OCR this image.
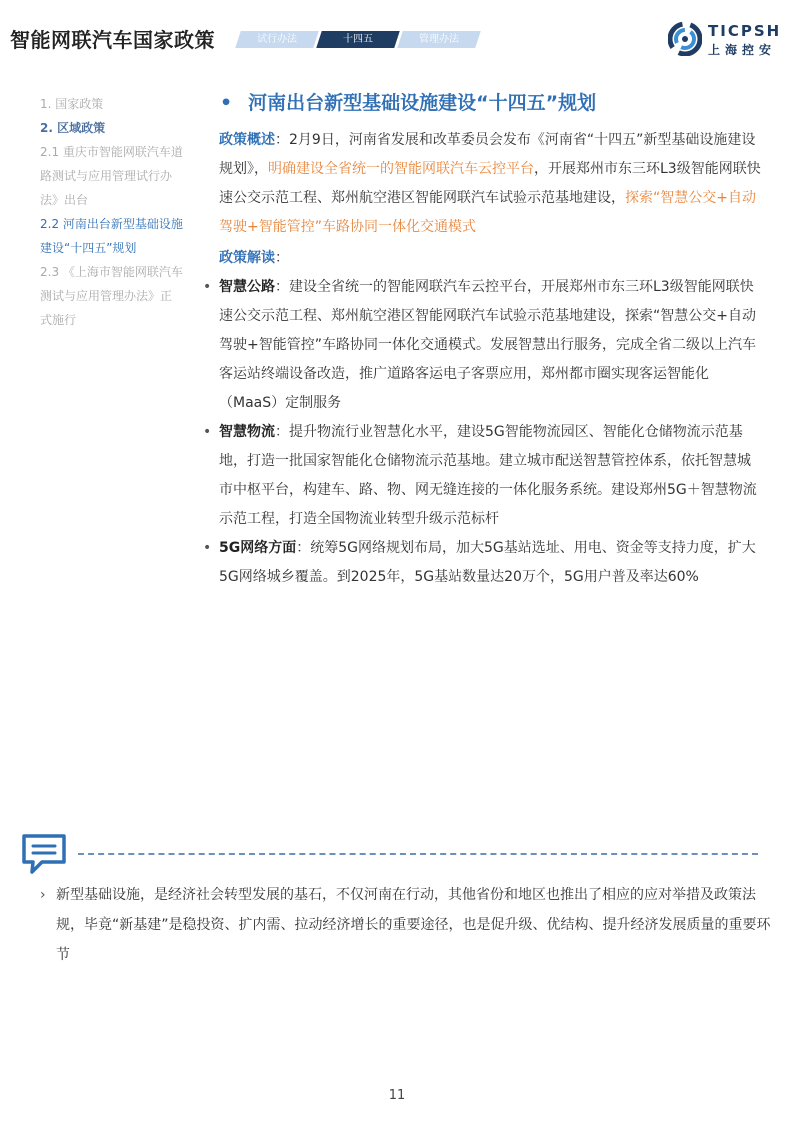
智能网联汽车国家政策	试行办法	十四五	管理办法	TICPSH
上海控安
1. 国家政策
2. 区域政策
2.1 重庆市智能网联汽车道
路测试与应用管理试行办
法》出台
2.2 河南出台新型基础设施
建设“十四五”规划
2.3 《上海市智能网联汽车
测试与应用管理办法》正
式施行
• 河南出台新型基础设施建设“十四五”规划

政策概述：2月9日，河南省发展和改革委员会发布《河南省“十四五”新型基础设施建设规划》，明确建设全省统一的智能网联汽车云控平台，开展郑州市东三环L3级智能网联快速公交示范工程、郑州航空港区智能网联汽车试验示范基地建设，探索“智慧公交+自动驾驶+智能管控”车路协同一体化交通模式

政策解读：

• 智慧公路：建设全省统一的智能网联汽车云控平台，开展郑州市东三环L3级智能网联快速公交示范工程、郑州航空港区智能网联汽车试验示范基地建设，探索“智慧公交+自动驾驶+智能管控”车路协同一体化交通模式。发展智慧出行服务，完成全省二级以上汽车客运站终端设备改造，推广道路客运电子客票应用，郑州都市圈实现客运智能化（MaaS）定制服务
• 智慧物流：提升物流行业智慧化水平，建设5G智能物流园区、智能化仓储物流示范基地，打造一批国家智能化仓储物流示范基地。建立城市配送智慧管控体系，依托智慧城市中枢平台，构建车、路、物、网无缝连接的一体化服务系统。建设郑州5G＋智慧物流示范工程，打造全国物流业转型升级示范标杆
• 5G网络方面：统筹5G网络规划布局，加大5G基站选址、用电、资金等支持力度，扩大5G网络城乡覆盖。到2025年，5G基站数量达20万个，5G用户普及率达60%
› 新型基础设施，是经济社会转型发展的基石，不仅河南在行动，其他省份和地区也推出了相应的应对举措及政策法规，毕竟“新基建”是稳投资、扩内需、拉动经济增长的重要途径，也是促升级、优结构、提升经济发展质量的重要环节
11
